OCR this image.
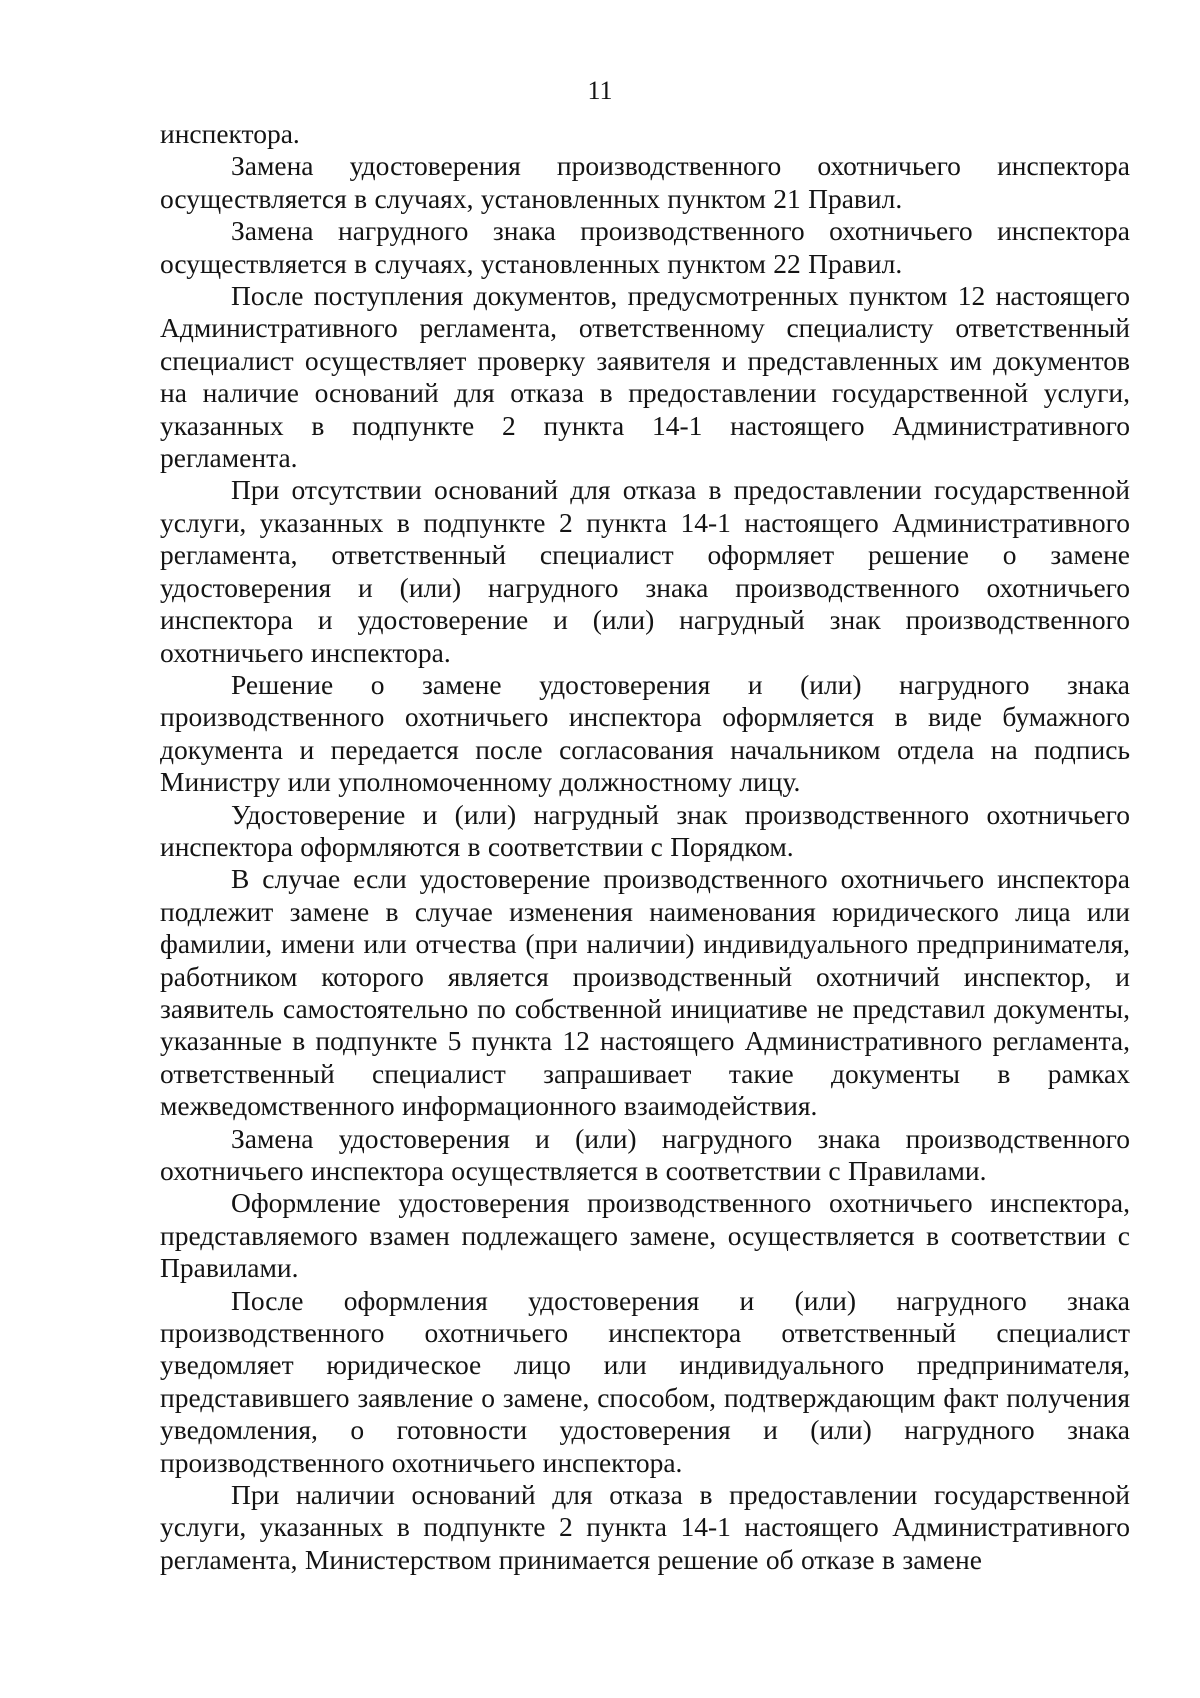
11

инспектора.

Замена удостоверения производственного охотничьего инспектора осуществляется в случаях, установленных пунктом 21 Правил.

Замена нагрудного знака производственного охотничьего инспектора осуществляется в случаях, установленных пунктом 22 Правил.

После поступления документов, предусмотренных пунктом 12 настоящего Административного регламента, ответственному специалисту ответственный специалист осуществляет проверку заявителя и представленных им документов на наличие оснований для отказа в предоставлении государственной услуги, указанных в подпункте 2 пункта 14-1 настоящего Административного регламента.

При отсутствии оснований для отказа в предоставлении государственной услуги, указанных в подпункте 2 пункта 14-1 настоящего Административного регламента, ответственный специалист оформляет решение о замене удостоверения и (или) нагрудного знака производственного охотничьего инспектора и удостоверение и (или) нагрудный знак производственного охотничьего инспектора.

Решение о замене удостоверения и (или) нагрудного знака производственного охотничьего инспектора оформляется в виде бумажного документа и передается после согласования начальником отдела на подпись Министру или уполномоченному должностному лицу.

Удостоверение и (или) нагрудный знак производственного охотничьего инспектора оформляются в соответствии с Порядком.

В случае если удостоверение производственного охотничьего инспектора подлежит замене в случае изменения наименования юридического лица или фамилии, имени или отчества (при наличии) индивидуального предпринимателя, работником которого является производственный охотничий инспектор, и заявитель самостоятельно по собственной инициативе не представил документы, указанные в подпункте 5 пункта 12 настоящего Административного регламента, ответственный специалист запрашивает такие документы в рамках межведомственного информационного взаимодействия.

Замена удостоверения и (или) нагрудного знака производственного охотничьего инспектора осуществляется в соответствии с Правилами.

Оформление удостоверения производственного охотничьего инспектора, представляемого взамен подлежащего замене, осуществляется в соответствии с Правилами.

После оформления удостоверения и (или) нагрудного знака производственного охотничьего инспектора ответственный специалист уведомляет юридическое лицо или индивидуального предпринимателя, представившего заявление о замене, способом, подтверждающим факт получения уведомления, о готовности удостоверения и (или) нагрудного знака производственного охотничьего инспектора.

При наличии оснований для отказа в предоставлении государственной услуги, указанных в подпункте 2 пункта 14-1 настоящего Административного регламента, Министерством принимается решение об отказе в замене
